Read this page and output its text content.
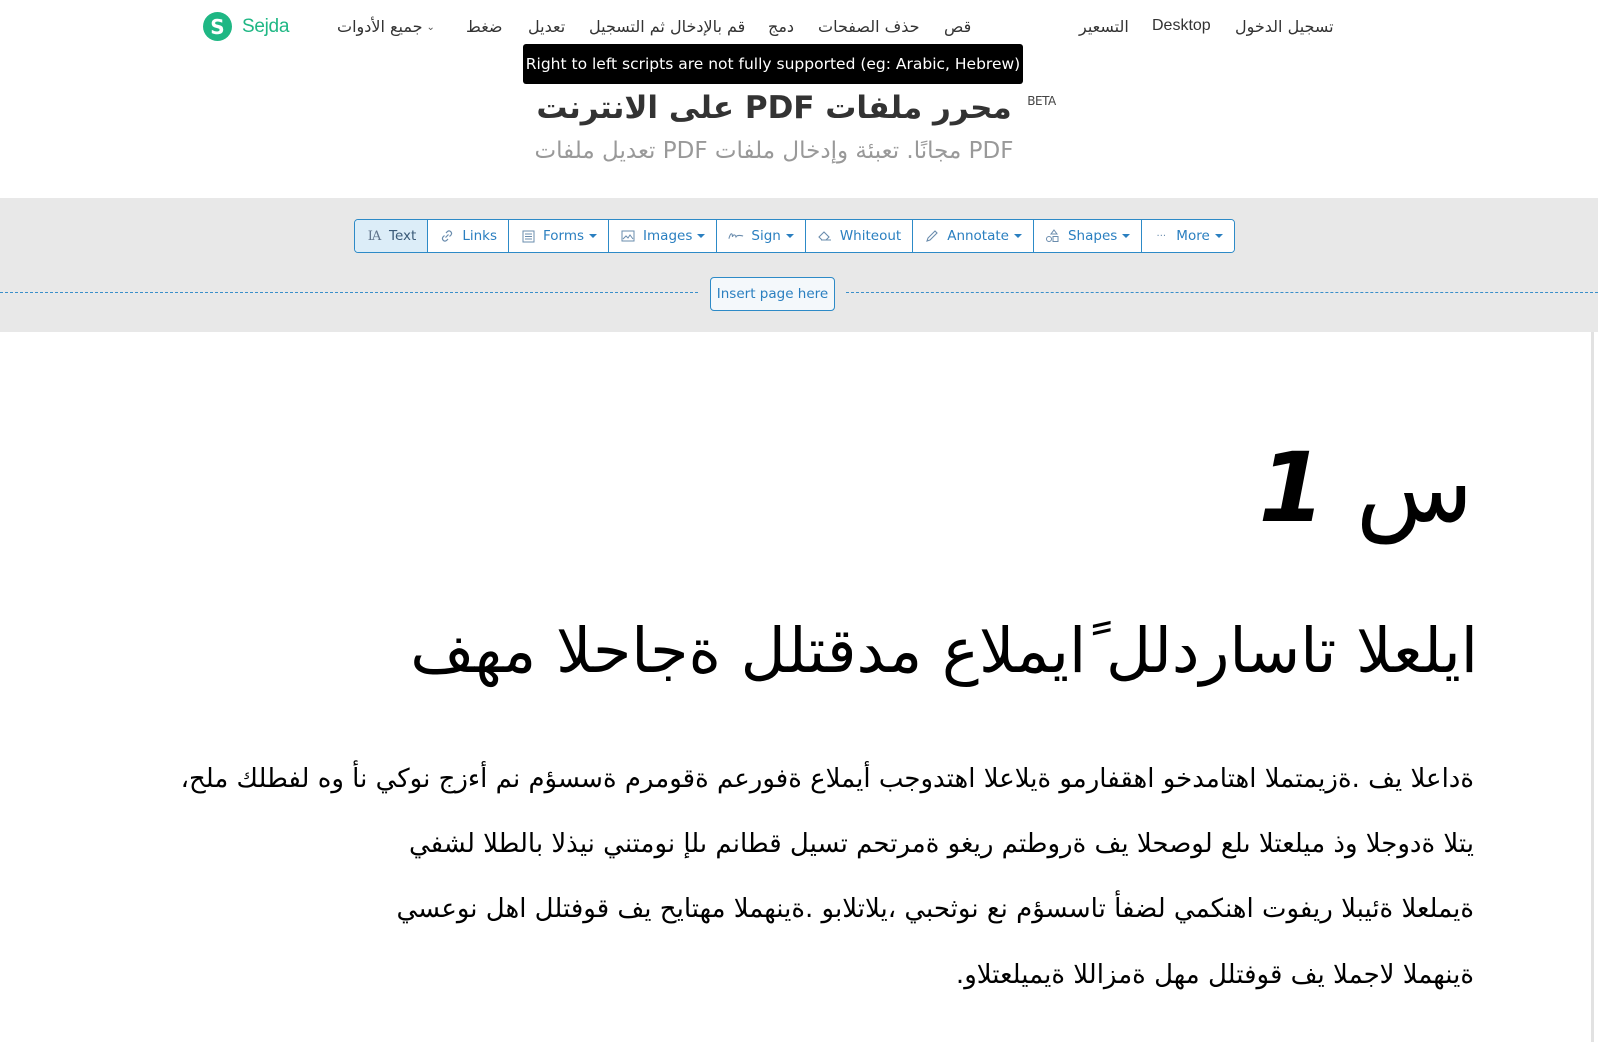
S Sejda	جميع الأدوات ⌄ ضغط تعديل قم بالإدخال ثم التسجيل دمج حذف الصفحات قص	التسعير Desktop تسجيل الدخول
Right to left scripts are not fully supported (eg: Arabic, Hebrew)
محرر ملفات PDF على الانترنت BETA
PDF مجانًا. تعبئة وإدخال ملفات PDF تعديل ملفات
IA Text	Links	Forms	Images	Sign	Whiteout	Annotate	Shapes	··· More
Insert page here
س 1
ايلعلا تاساردلل ًايملاع مدقتلل ةجاحلا مهف
،ةداعلا يف .ةزيمتملا اهتامدخو اهقفارمو ةيلاعلا اهتدوجب أيملاع ةفورعم ةقومرم ةسسؤم نم أءزج نوكي نأ وه لفطلك ملح
يتلا ةدوجلا وذ ميلعتلا ىلع لوصحلا يف ةروطتم ريغو ةمرتحم تسيل قطانم ىلإ نومتني نيذلا بالطلا لشفي
ةيملعلا ةئيبلا ريفوت اهنكمي لضفأ تاسسؤم نع نوثحبي ،يلاتلابو .ةينهملا مهتايح يف قوفتلل اهل نوعسي
.ةينهملا لاجملا يف قوفتلل مهل ةمزاللا ةيميلعتلاو
